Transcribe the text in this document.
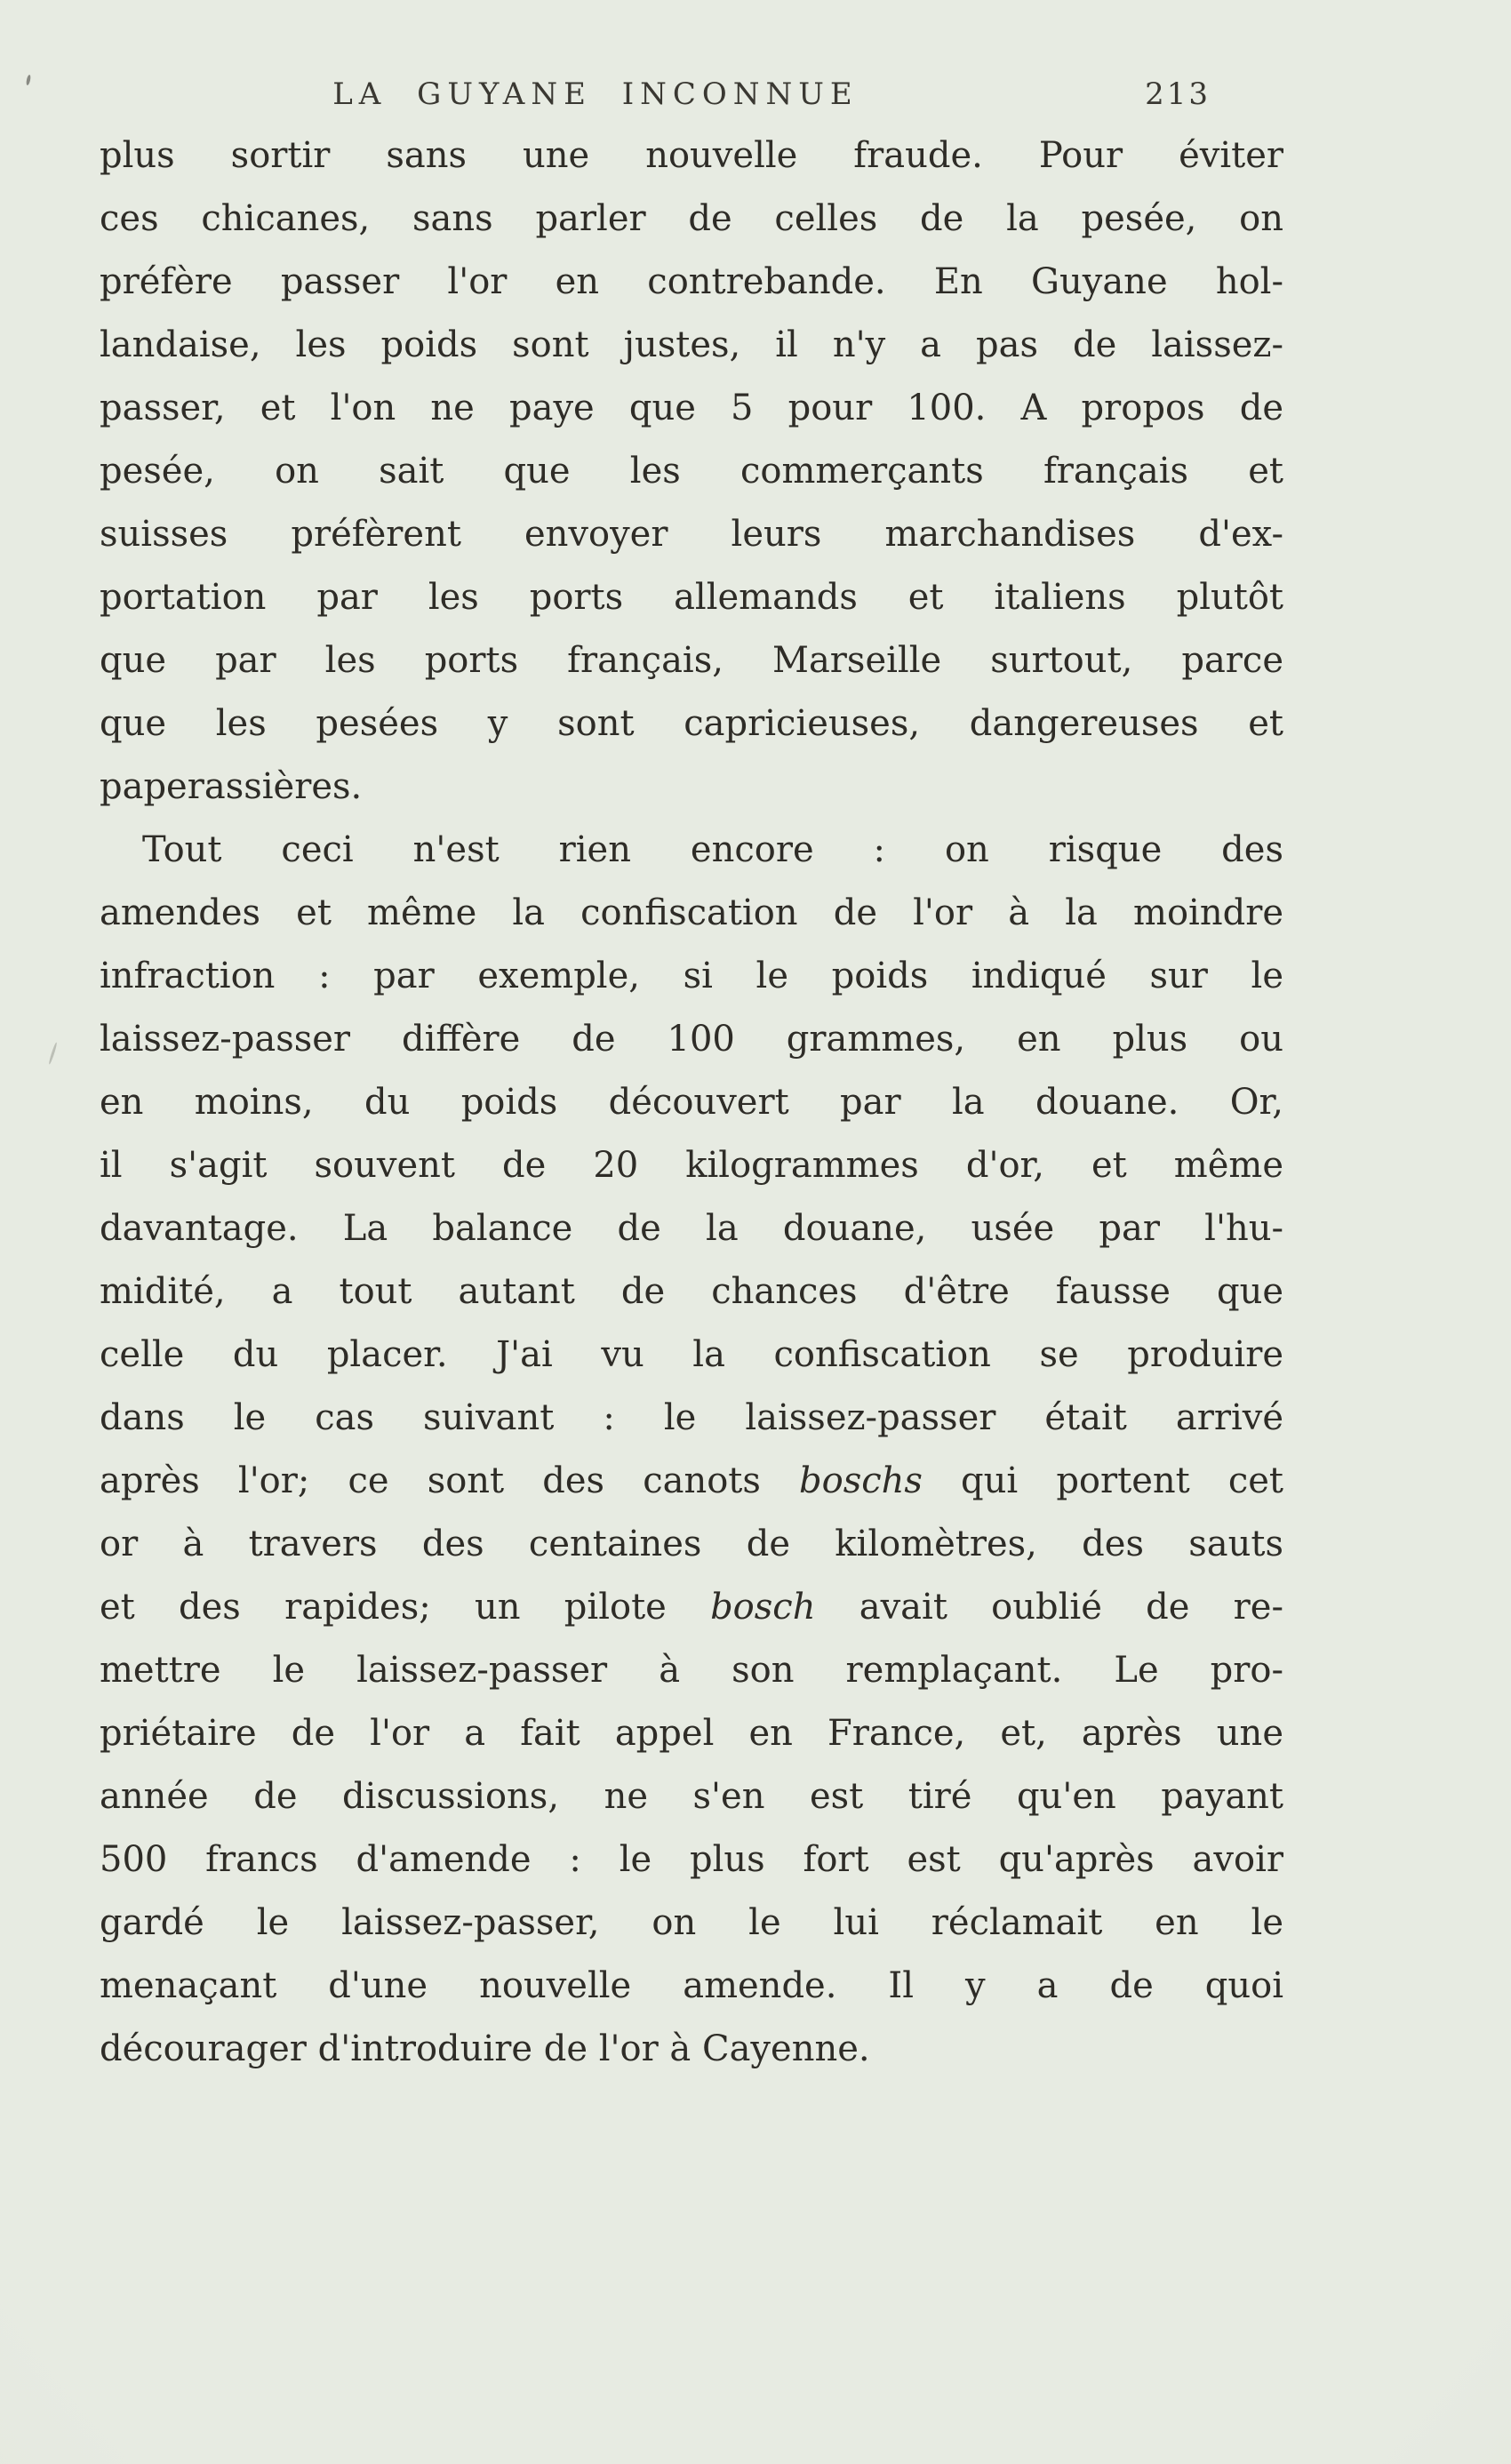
LA GUYANE INCONNUE	213
plus sortir sans une nouvelle fraude. Pour éviter
ces chicanes, sans parler de celles de la pesée, on
préfère passer l'or en contrebande. En Guyane hol-
landaise, les poids sont justes, il n'y a pas de laissez-
passer, et l'on ne paye que 5 pour 100. A propos de
pesée, on sait que les commerçants français et
suisses préfèrent envoyer leurs marchandises d'ex-
portation par les ports allemands et italiens plutôt
que par les ports français, Marseille surtout, parce
que les pesées y sont capricieuses, dangereuses et
paperassières.
Tout ceci n'est rien encore : on risque des
amendes et même la confiscation de l'or à la moindre
infraction : par exemple, si le poids indiqué sur le
laissez-passer diffère de 100 grammes, en plus ou
en moins, du poids découvert par la douane. Or,
il s'agit souvent de 20 kilogrammes d'or, et même
davantage. La balance de la douane, usée par l'hu-
midité, a tout autant de chances d'être fausse que
celle du placer. J'ai vu la confiscation se produire
dans le cas suivant : le laissez-passer était arrivé
après l'or; ce sont des canots boschs qui portent cet
or à travers des centaines de kilomètres, des sauts
et des rapides; un pilote bosch avait oublié de re-
mettre le laissez-passer à son remplaçant. Le pro-
priétaire de l'or a fait appel en France, et, après une
année de discussions, ne s'en est tiré qu'en payant
500 francs d'amende : le plus fort est qu'après avoir
gardé le laissez-passer, on le lui réclamait en le
menaçant d'une nouvelle amende. Il y a de quoi
décourager d'introduire de l'or à Cayenne.
